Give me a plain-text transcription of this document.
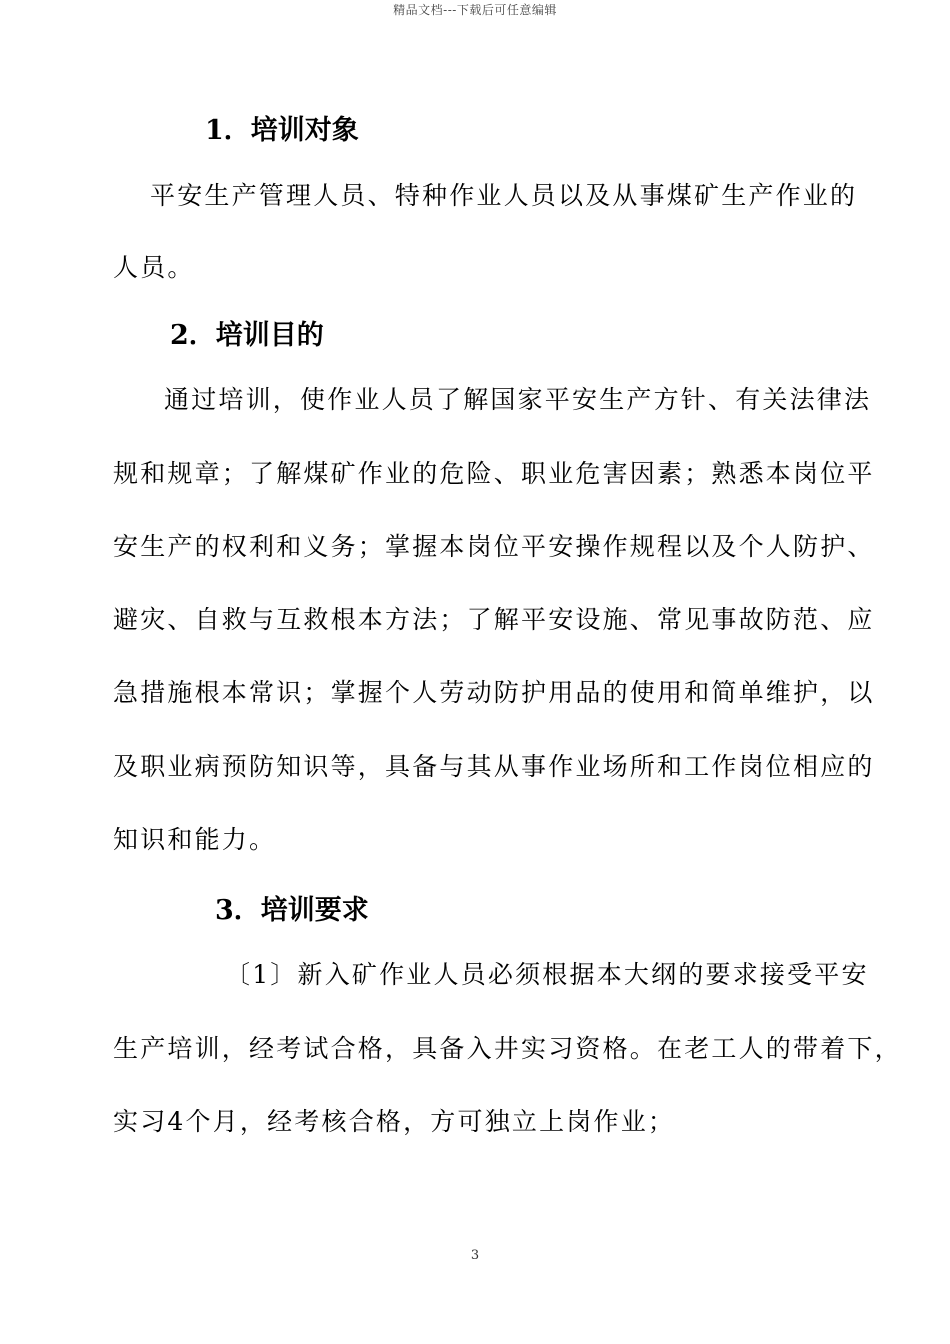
精品文档---下载后可任意编辑
1．培训对象
平安生产管理人员、特种作业人员以及从事煤矿生产作业的
人员。
2．培训目的
通过培训，使作业人员了解国家平安生产方针、有关法律法
规和规章；了解煤矿作业的危险、职业危害因素；熟悉本岗位平
安生产的权利和义务；掌握本岗位平安操作规程以及个人防护、
避灾、自救与互救根本方法；了解平安设施、常见事故防范、应
急措施根本常识；掌握个人劳动防护用品的使用和简单维护，以
及职业病预防知识等，具备与其从事作业场所和工作岗位相应的
知识和能力。
3．培训要求
〔1〕新入矿作业人员必须根据本大纲的要求接受平安
生产培训，经考试合格，具备入井实习资格。在老工人的带着下，
实习4个月，经考核合格，方可独立上岗作业；
3
